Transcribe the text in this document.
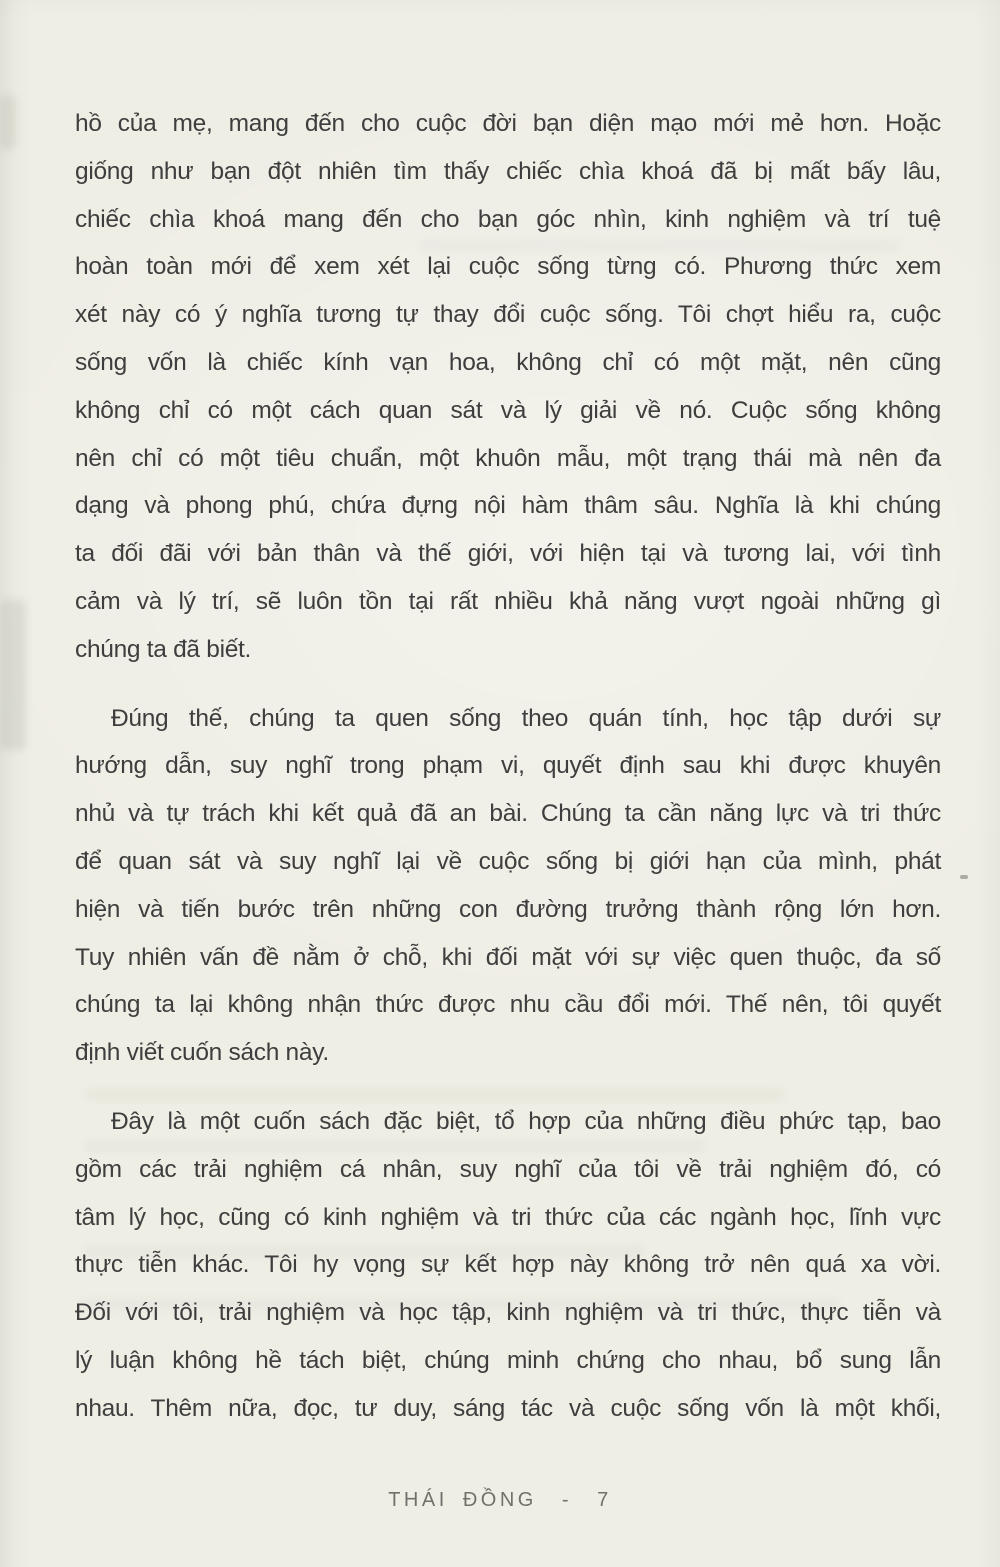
hồ của mẹ, mang đến cho cuộc đời bạn diện mạo mới mẻ hơn. Hoặc
giống như bạn đột nhiên tìm thấy chiếc chìa khoá đã bị mất bấy lâu,
chiếc chìa khoá mang đến cho bạn góc nhìn, kinh nghiệm và trí tuệ
hoàn toàn mới để xem xét lại cuộc sống từng có. Phương thức xem
xét này có ý nghĩa tương tự thay đổi cuộc sống. Tôi chợt hiểu ra, cuộc
sống vốn là chiếc kính vạn hoa, không chỉ có một mặt, nên cũng
không chỉ có một cách quan sát và lý giải về nó. Cuộc sống không
nên chỉ có một tiêu chuẩn, một khuôn mẫu, một trạng thái mà nên đa
dạng và phong phú, chứa đựng nội hàm thâm sâu. Nghĩa là khi chúng
ta đối đãi với bản thân và thế giới, với hiện tại và tương lai, với tình
cảm và lý trí, sẽ luôn tồn tại rất nhiều khả năng vượt ngoài những gì
chúng ta đã biết.
Đúng thế, chúng ta quen sống theo quán tính, học tập dưới sự
hướng dẫn, suy nghĩ trong phạm vi, quyết định sau khi được khuyên
nhủ và tự trách khi kết quả đã an bài. Chúng ta cần năng lực và tri thức
để quan sát và suy nghĩ lại về cuộc sống bị giới hạn của mình, phát
hiện và tiến bước trên những con đường trưởng thành rộng lớn hơn.
Tuy nhiên vấn đề nằm ở chỗ, khi đối mặt với sự việc quen thuộc, đa số
chúng ta lại không nhận thức được nhu cầu đổi mới. Thế nên, tôi quyết
định viết cuốn sách này.
Đây là một cuốn sách đặc biệt, tổ hợp của những điều phức tạp, bao
gồm các trải nghiệm cá nhân, suy nghĩ của tôi về trải nghiệm đó, có
tâm lý học, cũng có kinh nghiệm và tri thức của các ngành học, lĩnh vực
thực tiễn khác. Tôi hy vọng sự kết hợp này không trở nên quá xa vời.
Đối với tôi, trải nghiệm và học tập, kinh nghiệm và tri thức, thực tiễn và
lý luận không hề tách biệt, chúng minh chứng cho nhau, bổ sung lẫn
nhau. Thêm nữa, đọc, tư duy, sáng tác và cuộc sống vốn là một khối,
THÁI ĐỒNG - 7
